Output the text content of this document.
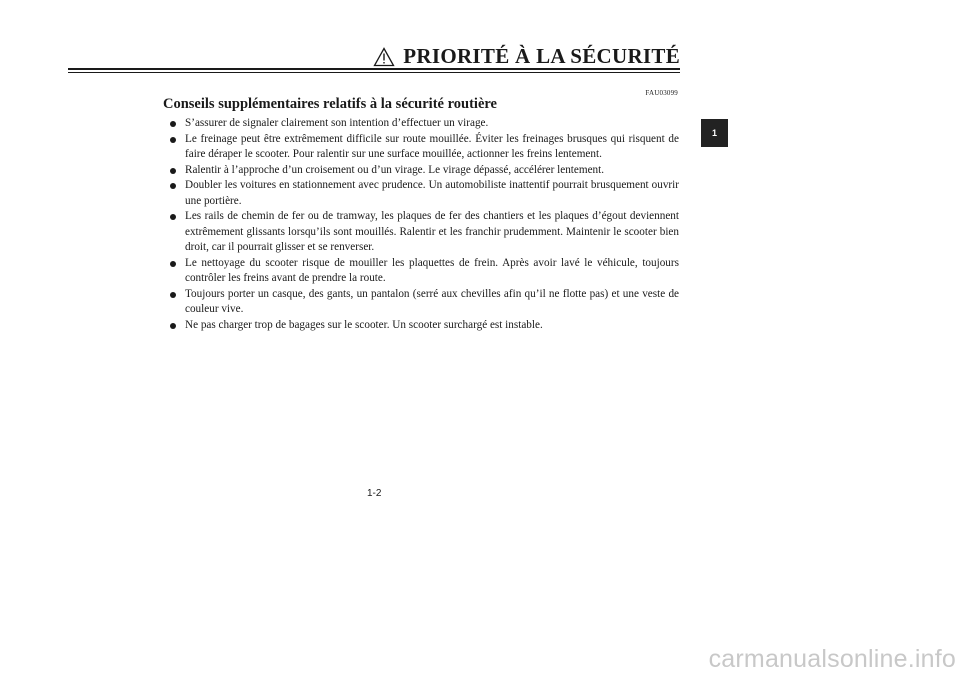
PRIORITÉ À LA SÉCURITÉ
FAU03099
Conseils supplémentaires relatifs à la sécurité routière
S’assurer de signaler clairement son intention d’effectuer un virage.
Le freinage peut être extrêmement difficile sur route mouillée. Éviter les freinages brusques qui risquent de faire déraper le scooter. Pour ralentir sur une surface mouillée, actionner les freins lentement.
Ralentir à l’approche d’un croisement ou d’un virage. Le virage dépassé, accélérer lentement.
Doubler les voitures en stationnement avec prudence. Un automobiliste inattentif pourrait brusquement ouvrir une portière.
Les rails de chemin de fer ou de tramway, les plaques de fer des chantiers et les plaques d’égout deviennent extrêmement glissants lorsqu’ils sont mouillés. Ralentir et les franchir prudemment. Maintenir le scooter bien droit, car il pourrait glisser et se renverser.
Le nettoyage du scooter risque de mouiller les plaquettes de frein. Après avoir lavé le véhicule, toujours contrôler les freins avant de prendre la route.
Toujours porter un casque, des gants, un pantalon (serré aux chevilles afin qu’il ne flotte pas) et une veste de couleur vive.
Ne pas charger trop de bagages sur le scooter. Un scooter surchargé est instable.
1-2
1
carmanualsonline.info
